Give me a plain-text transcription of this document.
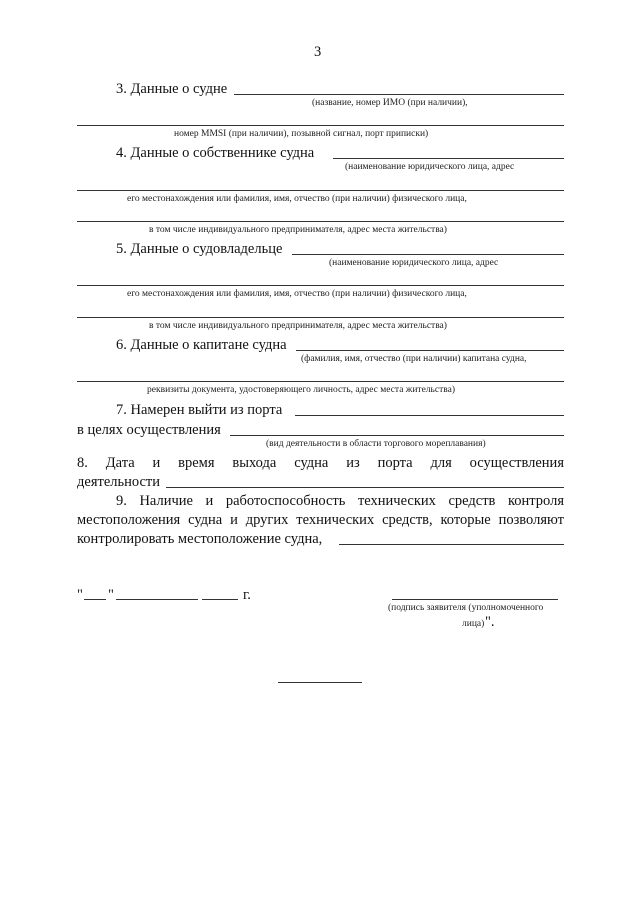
3
3. Данные о судне
(название, номер ИМО (при наличии),
номер MMSI (при наличии), позывной сигнал, порт приписки)
4. Данные о собственнике судна
(наименование юридического лица, адрес
его местонахождения или фамилия, имя, отчество (при наличии) физического лица,
в том числе индивидуального предпринимателя, адрес места жительства)
5. Данные о судовладельце
(наименование юридического лица, адрес
его местонахождения или фамилия, имя, отчество (при наличии) физического лица,
в том числе индивидуального предпринимателя, адрес места жительства)
6. Данные о капитане судна
(фамилия, имя, отчество (при наличии) капитана судна,
реквизиты документа, удостоверяющего личность, адрес места жительства)
7. Намерен выйти из порта
в целях осуществления
(вид деятельности в области торгового мореплавания)
8. Дата и время выхода судна из порта для осуществления
деятельности
9. Наличие и работоспособность технических средств контроля
местоположения судна и других технических средств, которые позволяют
контролировать местоположение судна,
" "	г.
(подпись заявителя (уполномоченного
лица) ".
